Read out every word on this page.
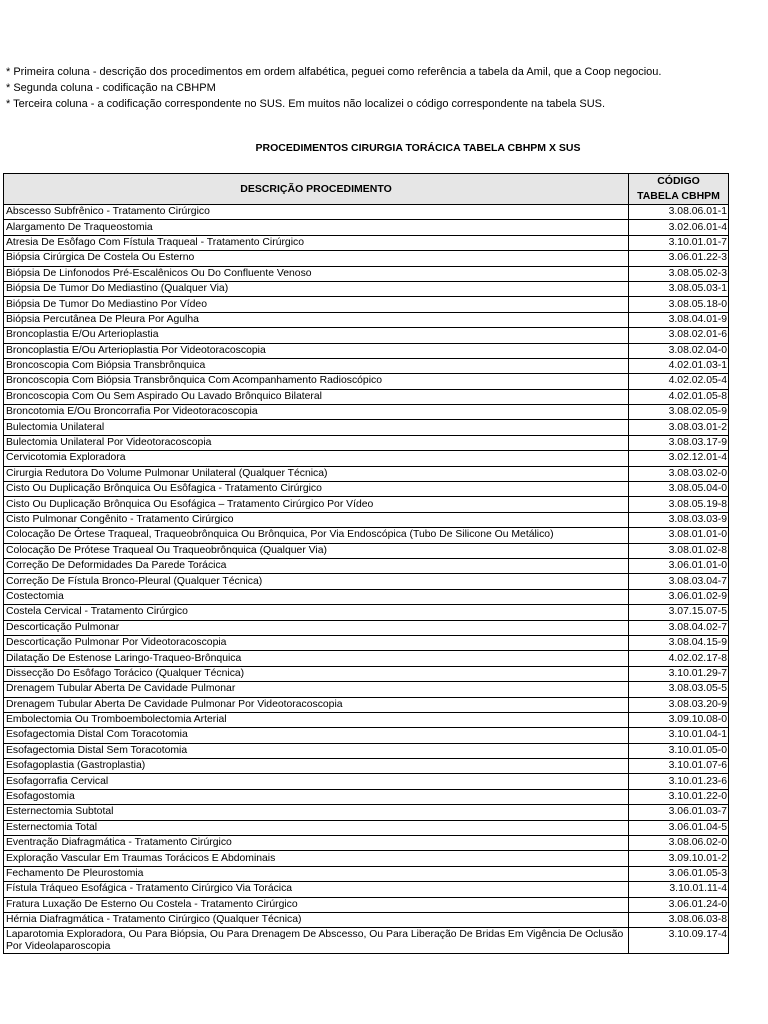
* Primeira coluna - descrição dos procedimentos em ordem alfabética, peguei como referência a tabela da Amil, que a Coop negociou.
* Segunda coluna - codificação na CBHPM
* Terceira coluna - a codificação correspondente no SUS. Em muitos não localizei o código correspondente na tabela SUS.
PROCEDIMENTOS CIRURGIA TORÁCICA TABELA CBHPM X SUS
DESCRIÇÃO PROCEDIMENTO	CÓDIGO
TABELA CBHPM

Abscesso Subfrênico - Tratamento Cirúrgico	3.08.06.01-1
Alargamento De Traqueostomia	3.02.06.01-4
Atresia De Esôfago Com Fístula Traqueal - Tratamento Cirúrgico	3.10.01.01-7
Biópsia Cirúrgica De Costela Ou Esterno	3.06.01.22-3
Biópsia De Linfonodos Pré-Escalênicos Ou Do Confluente Venoso	3.08.05.02-3
Biópsia De Tumor Do Mediastino (Qualquer Via)	3.08.05.03-1
Biópsia De Tumor Do Mediastino Por Vídeo	3.08.05.18-0
Biópsia Percutânea De Pleura Por Agulha	3.08.04.01-9
Broncoplastia E/Ou Arterioplastia	3.08.02.01-6
Broncoplastia E/Ou Arterioplastia Por Videotoracoscopia	3.08.02.04-0
Broncoscopia Com Biópsia Transbrônquica	4.02.01.03-1
Broncoscopia Com Biópsia Transbrônquica Com Acompanhamento Radioscópico	4.02.02.05-4
Broncoscopia Com Ou Sem Aspirado Ou Lavado Brônquico Bilateral	4.02.01.05-8
Broncotomia E/Ou Broncorrafia Por Videotoracoscopia	3.08.02.05-9
Bulectomia Unilateral	3.08.03.01-2
Bulectomia Unilateral Por Videotoracoscopia	3.08.03.17-9
Cervicotomia Exploradora	3.02.12.01-4
Cirurgia Redutora Do Volume Pulmonar Unilateral (Qualquer Técnica)	3.08.03.02-0
Cisto Ou Duplicação Brônquica Ou Esôfagica - Tratamento Cirúrgico	3.08.05.04-0
Cisto Ou Duplicação Brônquica Ou Esofágica – Tratamento Cirúrgico Por Vídeo	3.08.05.19-8
Cisto Pulmonar Congênito - Tratamento Cirúrgico	3.08.03.03-9
Colocação De Órtese Traqueal, Traqueobrônquica Ou Brônquica, Por Via Endoscópica (Tubo De Silicone Ou Metálico)	3.08.01.01-0
Colocação De Prótese Traqueal Ou Traqueobrônquica (Qualquer Via)	3.08.01.02-8
Correção De Deformidades Da Parede Torácica	3.06.01.01-0
Correção De Fístula Bronco-Pleural (Qualquer Técnica)	3.08.03.04-7
Costectomia	3.06.01.02-9
Costela Cervical - Tratamento Cirúrgico	3.07.15.07-5
Descorticação Pulmonar	3.08.04.02-7
Descorticação Pulmonar Por Videotoracoscopia	3.08.04.15-9
Dilatação De Estenose Laringo-Traqueo-Brônquica	4.02.02.17-8
Dissecção Do Esôfago Torácico (Qualquer Técnica)	3.10.01.29-7
Drenagem Tubular Aberta De Cavidade Pulmonar	3.08.03.05-5
Drenagem Tubular Aberta De Cavidade Pulmonar Por Videotoracoscopia	3.08.03.20-9
Embolectomia Ou Tromboembolectomia Arterial	3.09.10.08-0
Esofagectomia Distal Com Toracotomia	3.10.01.04-1
Esofagectomia Distal Sem Toracotomia	3.10.01.05-0
Esofagoplastia (Gastroplastia)	3.10.01.07-6
Esofagorrafia Cervical	3.10.01.23-6
Esofagostomia	3.10.01.22-0
Esternectomia Subtotal	3.06.01.03-7
Esternectomia Total	3.06.01.04-5
Eventração Diafragmática - Tratamento Cirúrgico	3.08.06.02-0
Exploração Vascular Em Traumas Torácicos E Abdominais	3.09.10.01-2
Fechamento De Pleurostomia	3.06.01.05-3
Fístula Tráqueo Esofágica - Tratamento Cirúrgico Via Torácica	3.10.01.11-4
Fratura Luxação De Esterno Ou Costela - Tratamento Cirúrgico	3.06.01.24-0
Hérnia Diafragmática - Tratamento Cirúrgico (Qualquer Técnica)	3.08.06.03-8

Laparotomia Exploradora, Ou Para Biópsia, Ou Para Drenagem De Abscesso, Ou Para Liberação De Bridas Em Vigência De Oclusão Por Videolaparoscopia	3.10.09.17-4
